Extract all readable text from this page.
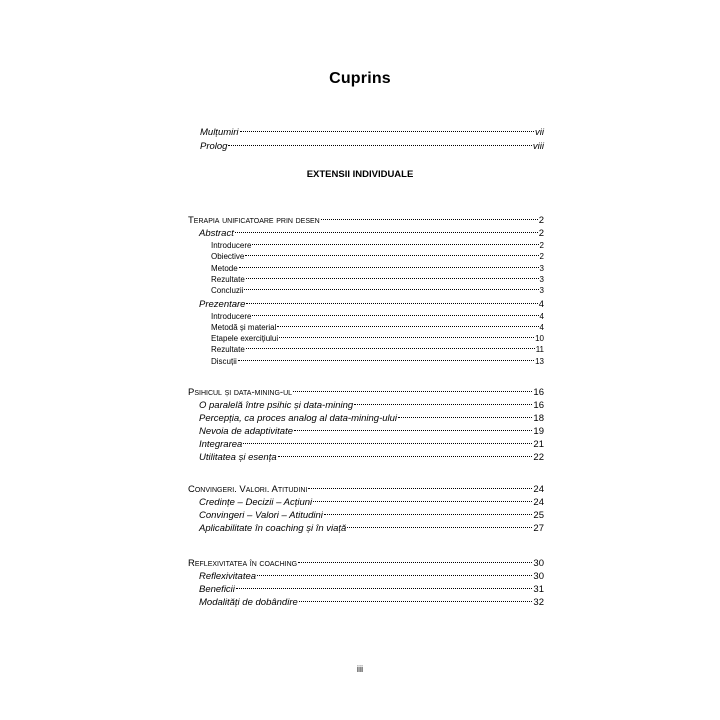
Cuprins
Mulțumiri	vii
Prolog	viii
Terapia unificatoare prin desen	2
Abstract	2
Introducere	2
Obiective	2
Metode	3
Rezultate	3
Concluzii	3
Prezentare	4
Introducere	4
Metodă și material	4
Etapele exercițiului	10
Rezultate	11
Discuții	13
Psihicul și data-mining-ul	16
O paralelă între psihic și data-mining	16
Percepția, ca proces analog al data-mining-ului	18
Nevoia de adaptivitate	19
Integrarea	21
Utilitatea și esența	22
Convingeri. Valori. Atitudini	24
Credințe – Decizii – Acțiuni	24
Convingeri – Valori – Atitudini	25
Aplicabilitate în coaching și în viață	27
Reflexivitatea în coaching	30
Reflexivitatea	30
Beneficii	31
Modalități de dobândire	32
EXTENSII INDIVIDUALE
iii
